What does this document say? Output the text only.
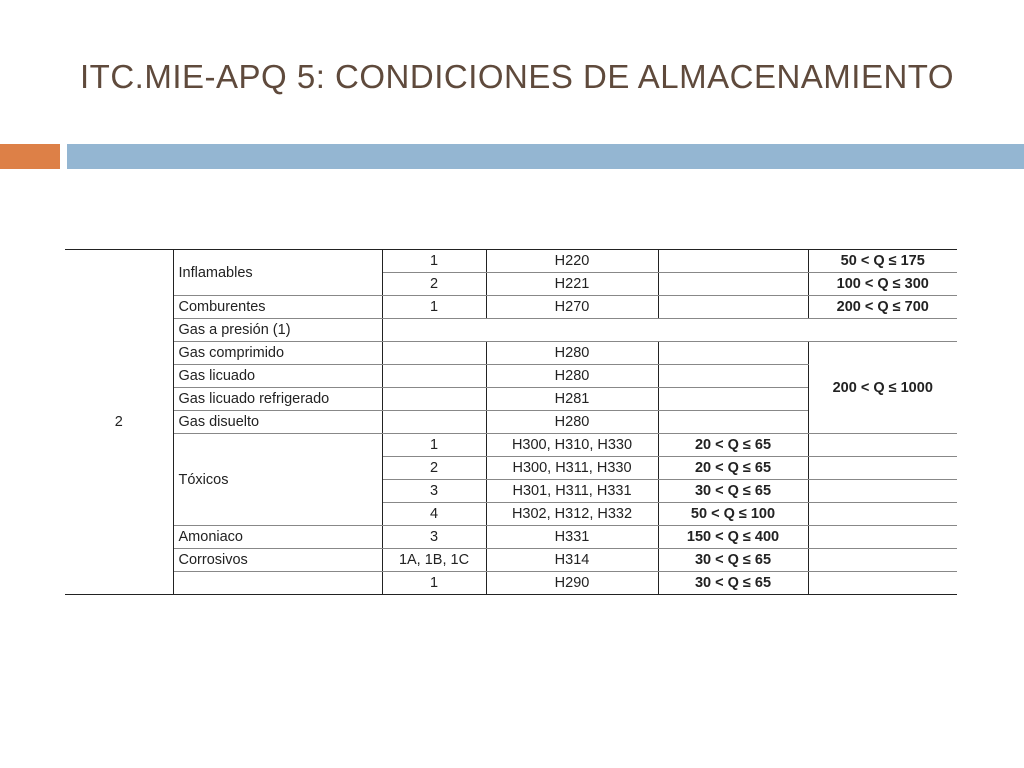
ITC.MIE-APQ 5: CONDICIONES DE ALMACENAMIENTO
2	Inflamables	1	H220		50 < Q ≤ 175
		2	H221		100 < Q ≤ 300
	Comburentes	1	H270		200 < Q ≤ 700
	Gas a presión (1)				
	Gas comprimido		H280		200 < Q ≤ 1000
	Gas licuado		H280		
	Gas licuado refrigerado		H281		
	Gas disuelto		H280		
	Tóxicos	1	H300, H310, H330	20 < Q ≤ 65	
		2	H300, H311, H330	20 < Q ≤ 65	
		3	H301, H311, H331	30 < Q ≤ 65	
		4	H302, H312, H332	50 < Q ≤ 100	
	Amoniaco	3	H331	150 < Q ≤ 400	
	Corrosivos	1A, 1B, 1C	H314	30 < Q ≤ 65	
		1	H290	30 < Q ≤ 65	
